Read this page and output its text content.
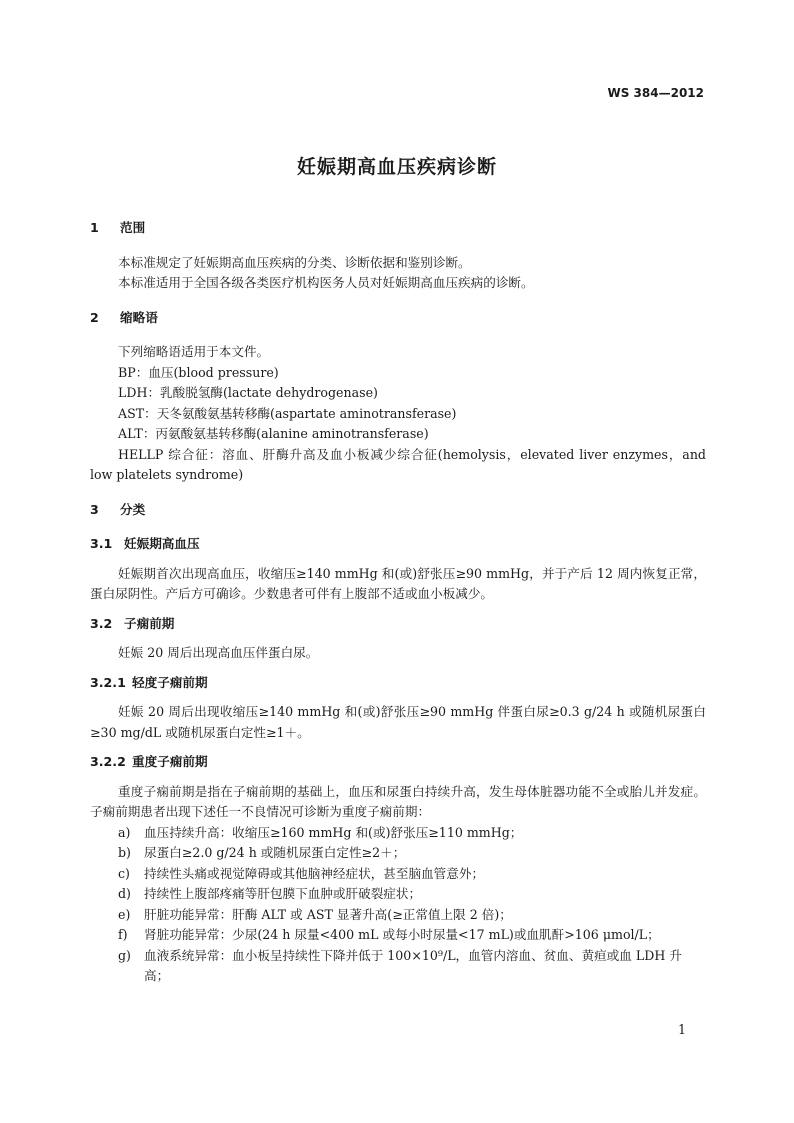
WS 384—2012
妊娠期高血压疾病诊断
1 范围

本标准规定了妊娠期高血压疾病的分类、诊断依据和鉴别诊断。

本标准适用于全国各级各类医疗机构医务人员对妊娠期高血压疾病的诊断。

2 缩略语

下列缩略语适用于本文件。

BP：血压(blood pressure)

LDH：乳酸脱氢酶(lactate dehydrogenase)

AST：天冬氨酸氨基转移酶(aspartate aminotransferase)

ALT：丙氨酸氨基转移酶(alanine aminotransferase)

HELLP 综合征：溶血、肝酶升高及血小板减少综合征(hemolysis，elevated liver enzymes，and low platelets syndrome)

3 分类
3.1 妊娠期高血压

妊娠期首次出现高血压，收缩压≥140 mmHg 和(或)舒张压≥90 mmHg，并于产后 12 周内恢复正常，蛋白尿阴性。产后方可确诊。少数患者可伴有上腹部不适或血小板减少。

3.2 子痫前期

妊娠 20 周后出现高血压伴蛋白尿。

3.2.1 轻度子痫前期

妊娠 20 周后出现收缩压≥140 mmHg 和(或)舒张压≥90 mmHg 伴蛋白尿≥0.3 g/24 h 或随机尿蛋白≥30 mg/dL 或随机尿蛋白定性≥1＋。

3.2.2 重度子痫前期

重度子痫前期是指在子痫前期的基础上，血压和尿蛋白持续升高，发生母体脏器功能不全或胎儿并发症。子痫前期患者出现下述任一不良情况可诊断为重度子痫前期：

a)	血压持续升高：收缩压≥160 mmHg 和(或)舒张压≥110 mmHg；
b)	尿蛋白≥2.0 g/24 h 或随机尿蛋白定性≥2＋；
c)	持续性头痛或视觉障碍或其他脑神经症状，甚至脑血管意外；
d)	持续性上腹部疼痛等肝包膜下血肿或肝破裂症状；
e)	肝脏功能异常：肝酶 ALT 或 AST 显著升高(≥正常值上限 2 倍)；
f)	肾脏功能异常：少尿(24 h 尿量<400 mL 或每小时尿量<17 mL)或血肌酐>106 μmol/L；
g)	血液系统异常：血小板呈持续性下降并低于 100×10⁹/L，血管内溶血、贫血、黄疸或血 LDH 升高；
1
